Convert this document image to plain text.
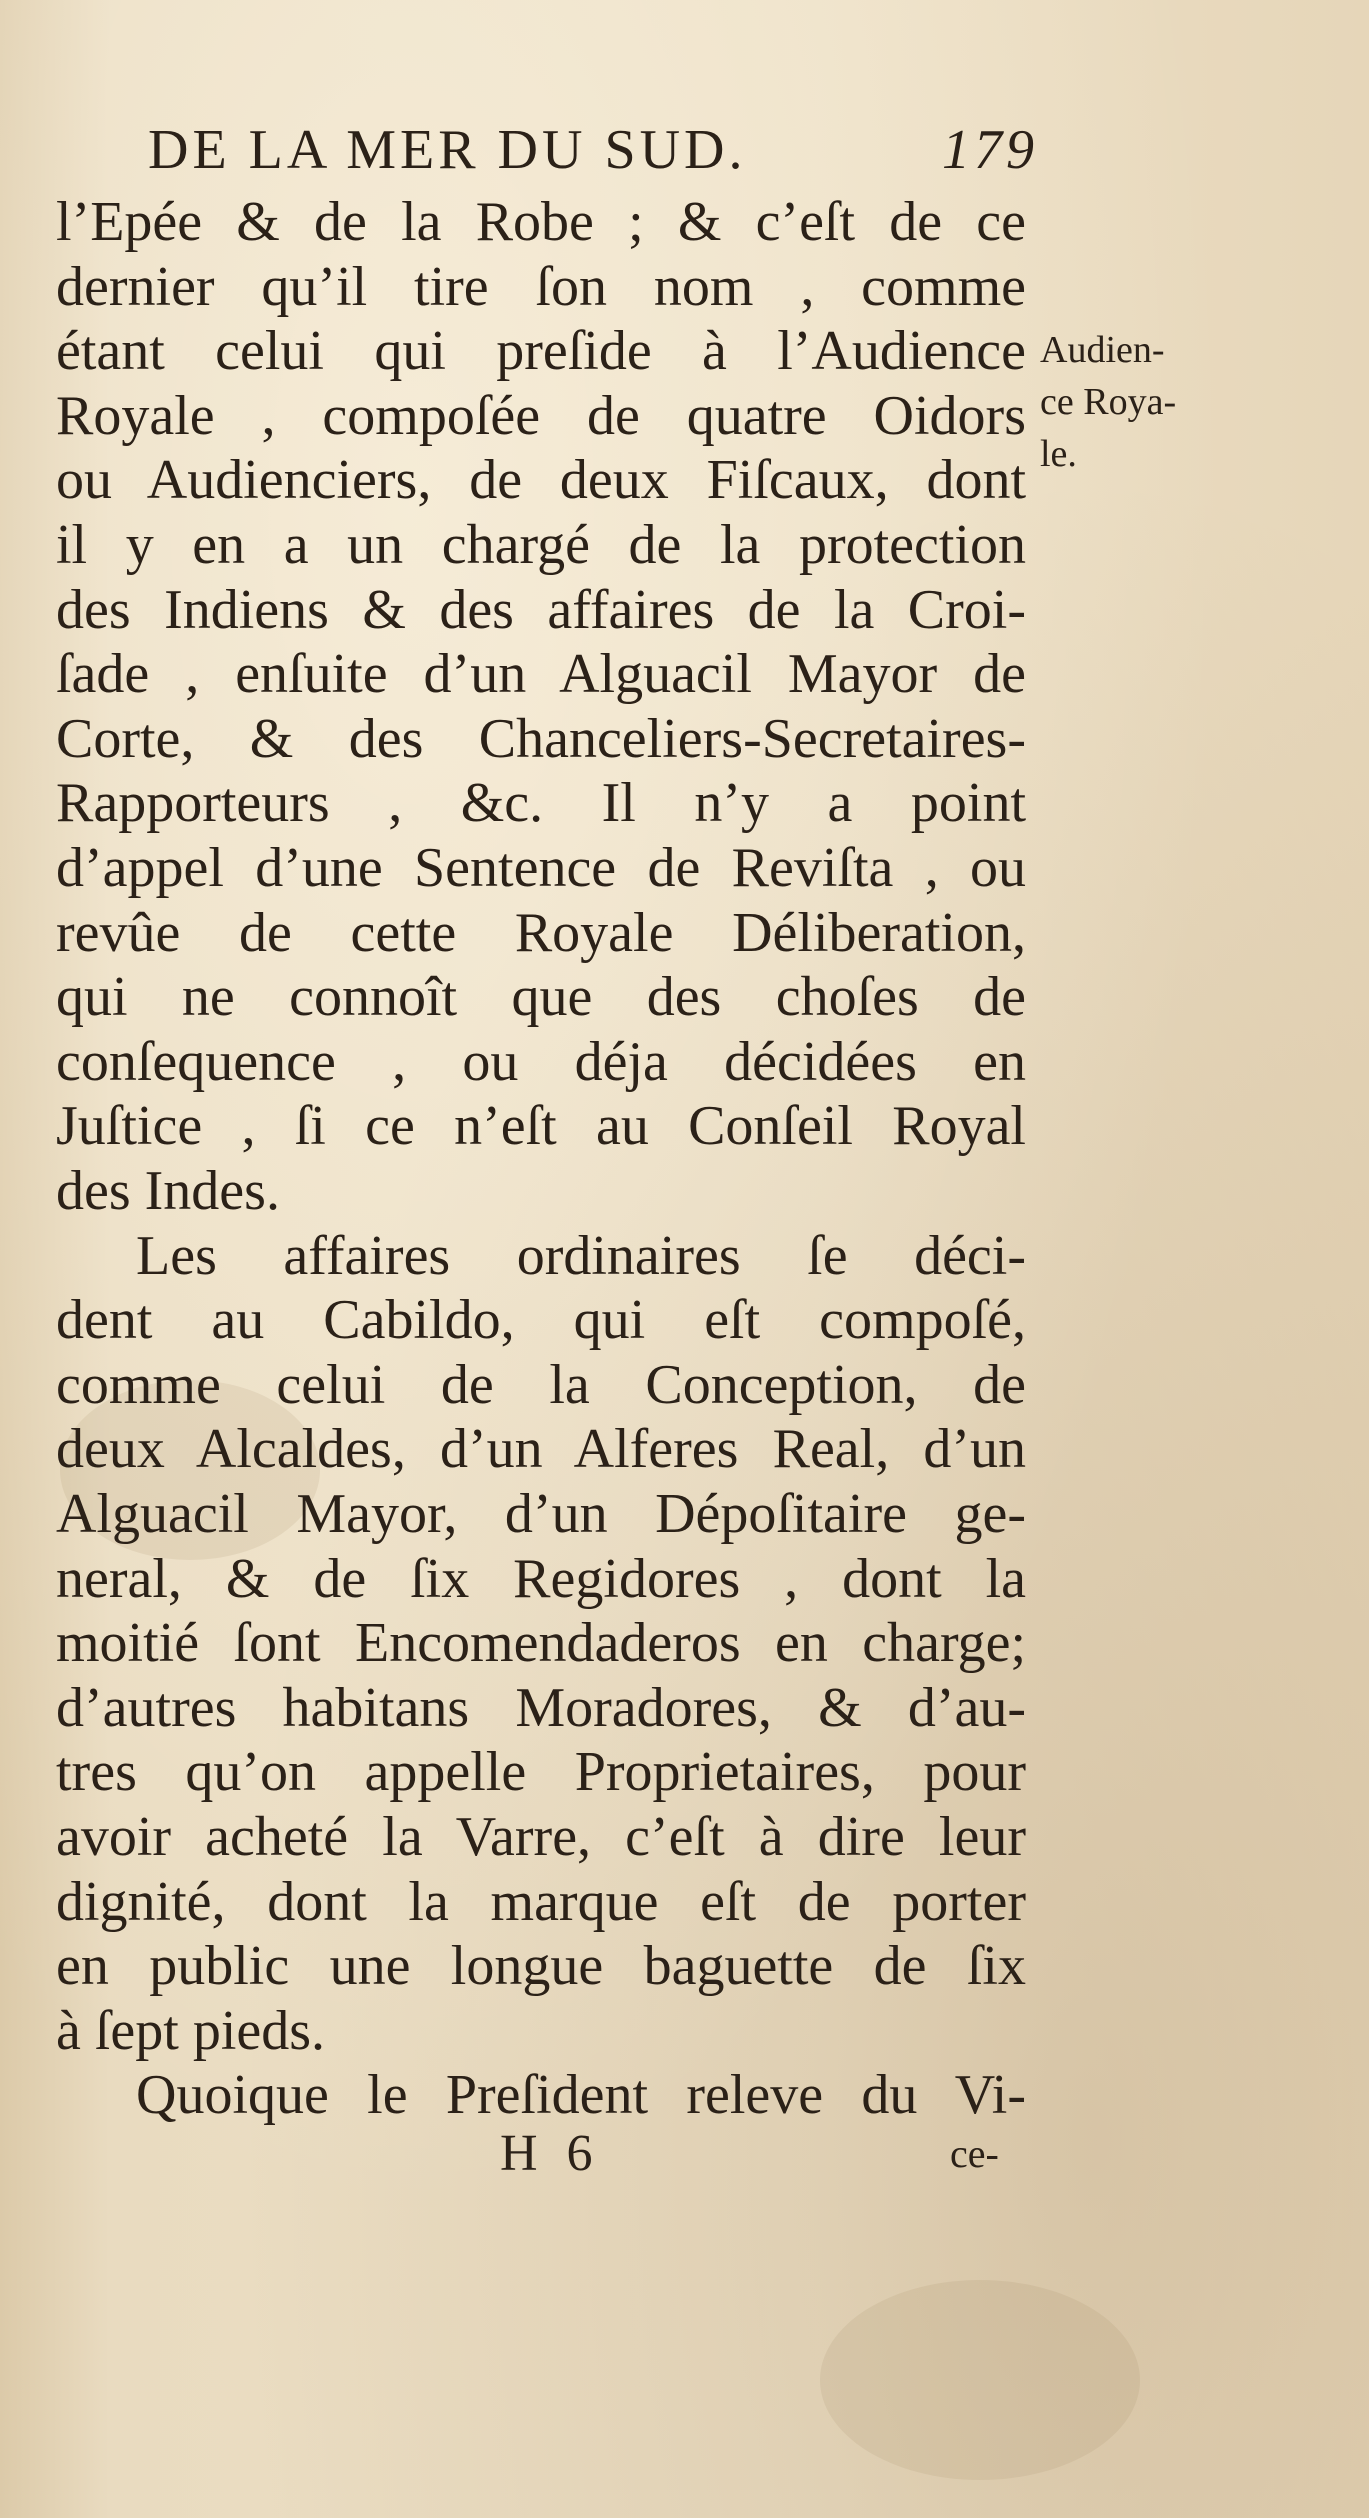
DE LA MER DU SUD.	179
l’Epée & de la Robe ; & c’eſt de ce
dernier qu’il tire ſon nom , comme
étant celui qui preſide à l’Audience
Royale , compoſée de quatre Oidors
ou Audienciers, de deux Fiſcaux, dont
il y en a un chargé de la protection
des Indiens & des affaires de la Croi-
ſade , enſuite d’un Alguacil Mayor de
Corte, & des Chanceliers-Secretaires-
Rapporteurs , &c. Il n’y a point
d’appel d’une Sentence de Reviſta , ou
revûe de cette Royale Déliberation,
qui ne connoît que des choſes de
conſequence , ou déja décidées en
Juſtice , ſi ce n’eſt au Conſeil Royal
des Indes.
Les affaires ordinaires ſe déci-
dent au Cabildo, qui eſt compoſé,
comme celui de la Conception, de
deux Alcaldes, d’un Alferes Real, d’un
Alguacil Mayor, d’un Dépoſitaire ge-
neral, & de ſix Regidores , dont la
moitié ſont Encomendaderos en charge;
d’autres habitans Moradores, & d’au-
tres qu’on appelle Proprietaires, pour
avoir acheté la Varre, c’eſt à dire leur
dignité, dont la marque eſt de porter
en public une longue baguette de ſix
à ſept pieds.
Quoique le Preſident releve du Vi-
Audien-
ce Roya-
le.
H 6	ce-
